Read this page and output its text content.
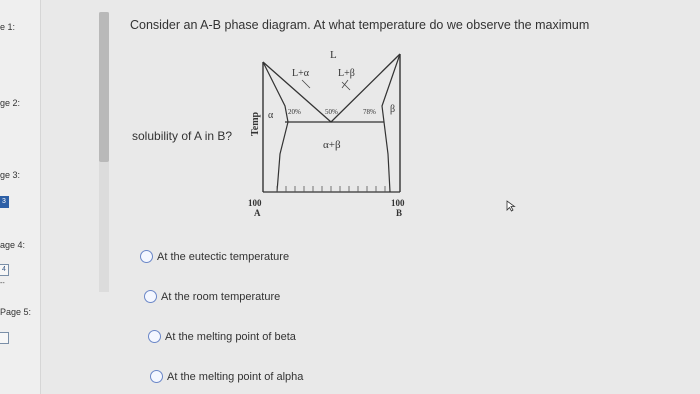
e 1:
ge 2:
ge 3:
3
age 4:
4
--
Page 5:
Consider an A-B phase diagram. At what temperature do we observe the maximum
solubility of A in B?
L
L+α	L+β
α 20%	50%	78% β
α+β
Temp
100
A
100
B
At the eutectic temperature
At the room temperature
At the melting point of beta
At the melting point of alpha
